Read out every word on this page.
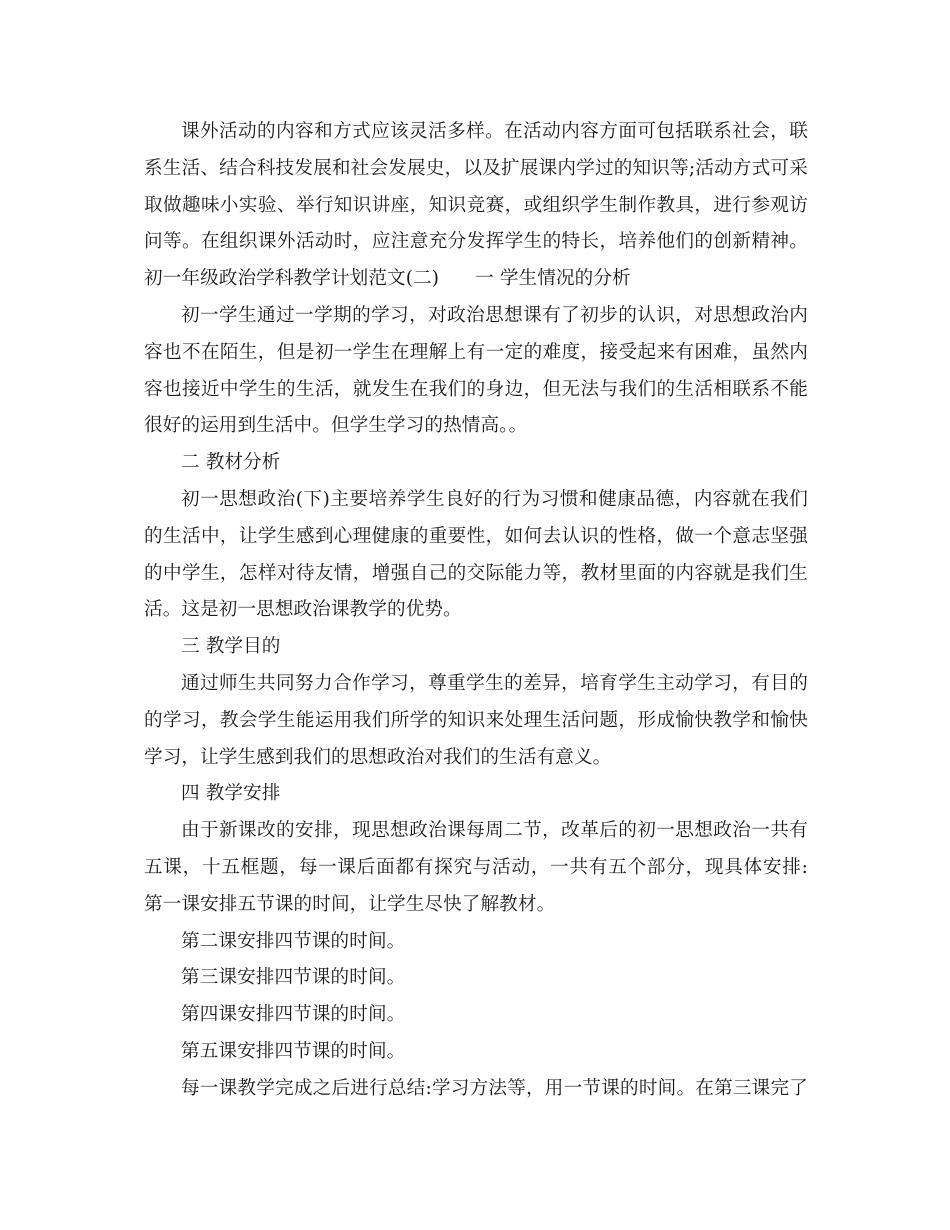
课外活动的内容和方式应该灵活多样。在活动内容方面可包括联系社会，联
系生活、结合科技发展和社会发展史，以及扩展课内学过的知识等;活动方式可采
取做趣味小实验、举行知识讲座，知识竞赛，或组织学生制作教具，进行参观访
问等。在组织课外活动时，应注意充分发挥学生的特长，培养他们的创新精神。
初一年级政治学科教学计划范文(二)      一 学生情况的分析
初一学生通过一学期的学习，对政治思想课有了初步的认识，对思想政治内
容也不在陌生，但是初一学生在理解上有一定的难度，接受起来有困难，虽然内
容也接近中学生的生活，就发生在我们的身边，但无法与我们的生活相联系不能
很好的运用到生活中。但学生学习的热情高。。
二 教材分析
初一思想政治(下)主要培养学生良好的行为习惯和健康品德，内容就在我们
的生活中，让学生感到心理健康的重要性，如何去认识的性格，做一个意志坚强
的中学生，怎样对待友情，增强自己的交际能力等，教材里面的内容就是我们生
活。这是初一思想政治课教学的优势。
三 教学目的
通过师生共同努力合作学习，尊重学生的差异，培育学生主动学习，有目的
的学习，教会学生能运用我们所学的知识来处理生活问题，形成愉快教学和愉快
学习，让学生感到我们的思想政治对我们的生活有意义。
四 教学安排
由于新课改的安排，现思想政治课每周二节，改革后的初一思想政治一共有
五课，十五框题，每一课后面都有探究与活动，一共有五个部分，现具体安排:
第一课安排五节课的时间，让学生尽快了解教材。
第二课安排四节课的时间。
第三课安排四节课的时间。
第四课安排四节课的时间。
第五课安排四节课的时间。
每一课教学完成之后进行总结:学习方法等，用一节课的时间。在第三课完了
